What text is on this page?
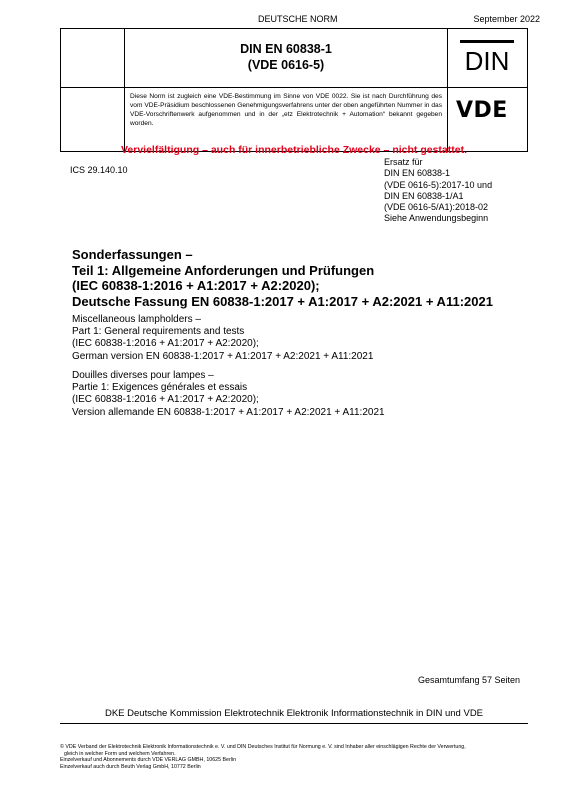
DEUTSCHE NORM	September 2022
DIN EN 60838-1
(VDE 0616-5)	DIN
Diese Norm ist zugleich eine VDE-Bestimmung im Sinne von VDE 0022. Sie ist nach Durchführung des vom VDE-Präsidium beschlossenen Genehmigungsverfahrens unter der oben angeführten Nummer in das VDE-Vorschriftenwerk aufgenommen und in der „etz Elektrotechnik + Automation“ bekannt gegeben worden.
VDE
Vervielfältigung – auch für innerbetriebliche Zwecke – nicht gestattet.
ICS 29.140.10
Ersatz für
DIN EN 60838-1
(VDE 0616-5):2017-10 und
DIN EN 60838-1/A1
(VDE 0616-5/A1):2018-02
Siehe Anwendungsbeginn
Sonderfassungen –
Teil 1: Allgemeine Anforderungen und Prüfungen
(IEC 60838-1:2016 + A1:2017 + A2:2020);
Deutsche Fassung EN 60838-1:2017 + A1:2017 + A2:2021 + A11:2021
Miscellaneous lampholders –
Part 1: General requirements and tests
(IEC 60838-1:2016 + A1:2017 + A2:2020);
German version EN 60838-1:2017 + A1:2017 + A2:2021 + A11:2021
Douilles diverses pour lampes –
Partie 1: Exigences générales et essais
(IEC 60838-1:2016 + A1:2017 + A2:2020);
Version allemande EN 60838-1:2017 + A1:2017 + A2:2021 + A11:2021
Gesamtumfang 57 Seiten
DKE Deutsche Kommission Elektrotechnik Elektronik Informationstechnik in DIN und VDE
© VDE Verband der Elektrotechnik Elektronik Informationstechnik e. V. und DIN Deutsches Institut für Normung e. V. sind Inhaber aller einschlägigen Rechte der Verwertung,
gleich in welcher Form und welchem Verfahren.
Einzelverkauf und Abonnements durch VDE VERLAG GMBH, 10625 Berlin
Einzelverkauf auch durch Beuth Verlag GmbH, 10772 Berlin
